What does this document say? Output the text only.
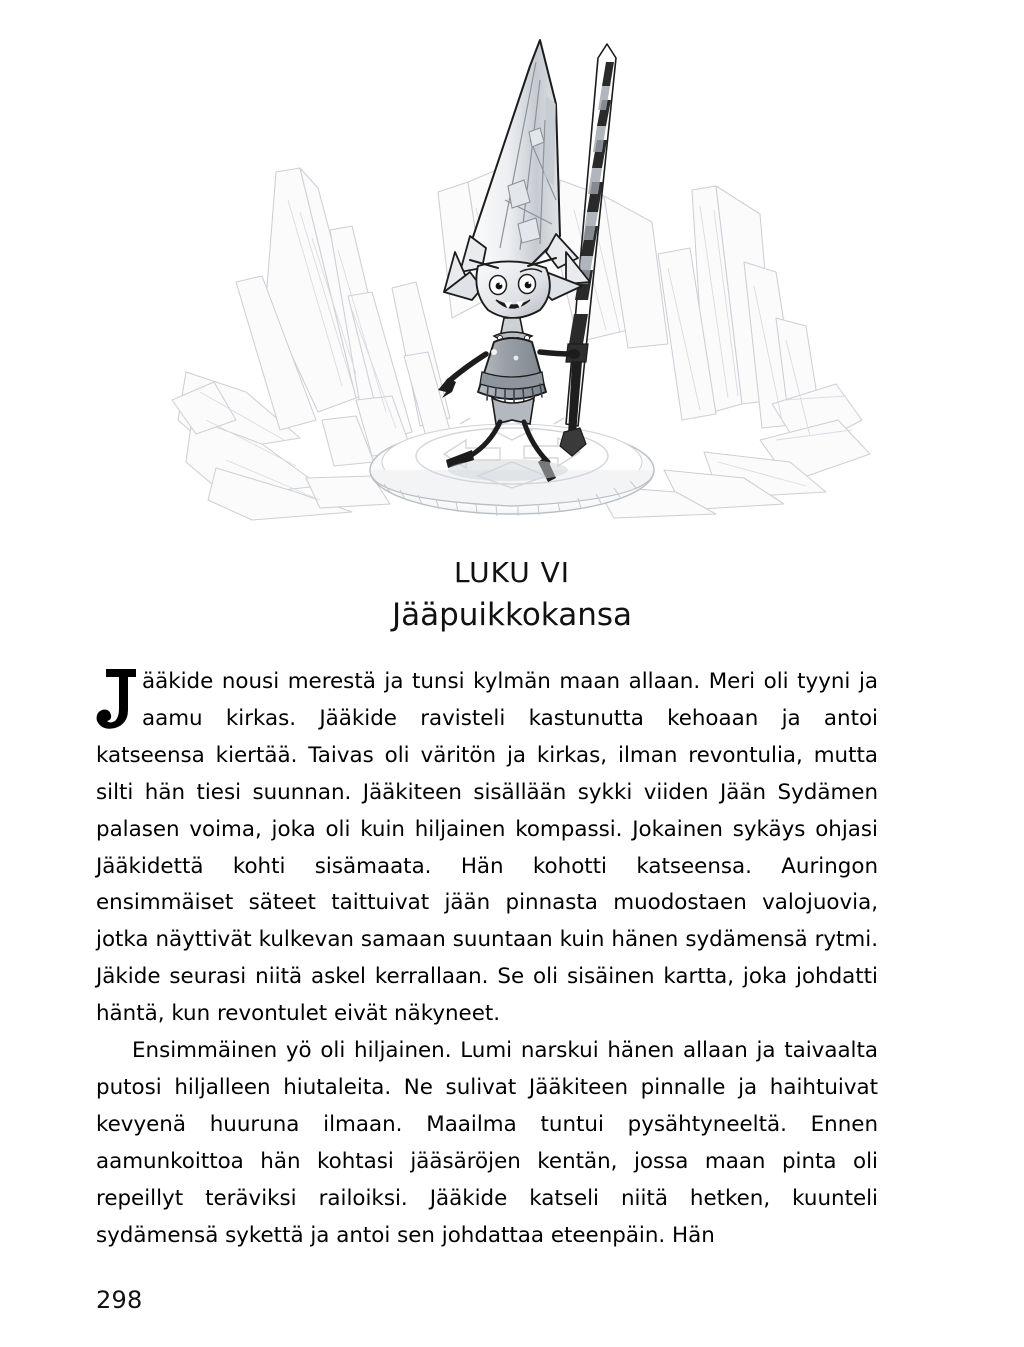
LUKU VI
Jääpuikkokansa

ääkide nousi merestä ja tunsi kylmän maan allaan. Meri oli tyyni ja aamu kirkas. Jääkide ravisteli kastunutta kehoaan ja antoi katseensa kiertää. Taivas oli väritön ja kirkas, ilman revontulia, mutta silti hän tiesi suunnan. Jääkiteen sisällään sykki viiden Jään Sydämen palasen voima, joka oli kuin hiljainen kompassi. Jokainen sykäys ohjasi Jääkidettä kohti sisämaata. Hän kohotti katseensa. Auringon ensimmäiset säteet taittuivat jään pinnasta muodostaen valojuovia, jotka näyttivät kulkevan samaan suuntaan kuin hänen sydämensä rytmi. Jäkide seurasi niitä askel kerrallaan. Se oli sisäinen kartta, joka johdatti häntä, kun revontulet eivät näkyneet.

Ensimmäinen yö oli hiljainen. Lumi narskui hänen allaan ja taivaalta putosi hiljalleen hiutaleita. Ne sulivat Jääkiteen pinnalle ja haihtuivat kevyenä huuruna ilmaan. Maailma tuntui pysähtyneeltä. Ennen aamunkoittoa hän kohtasi jääsäröjen kentän, jossa maan pinta oli repeillyt teräviksi railoiksi. Jääkide katseli niitä hetken, kuunteli sydämensä sykettä ja antoi sen johdattaa eteenpäin. Hän

298
